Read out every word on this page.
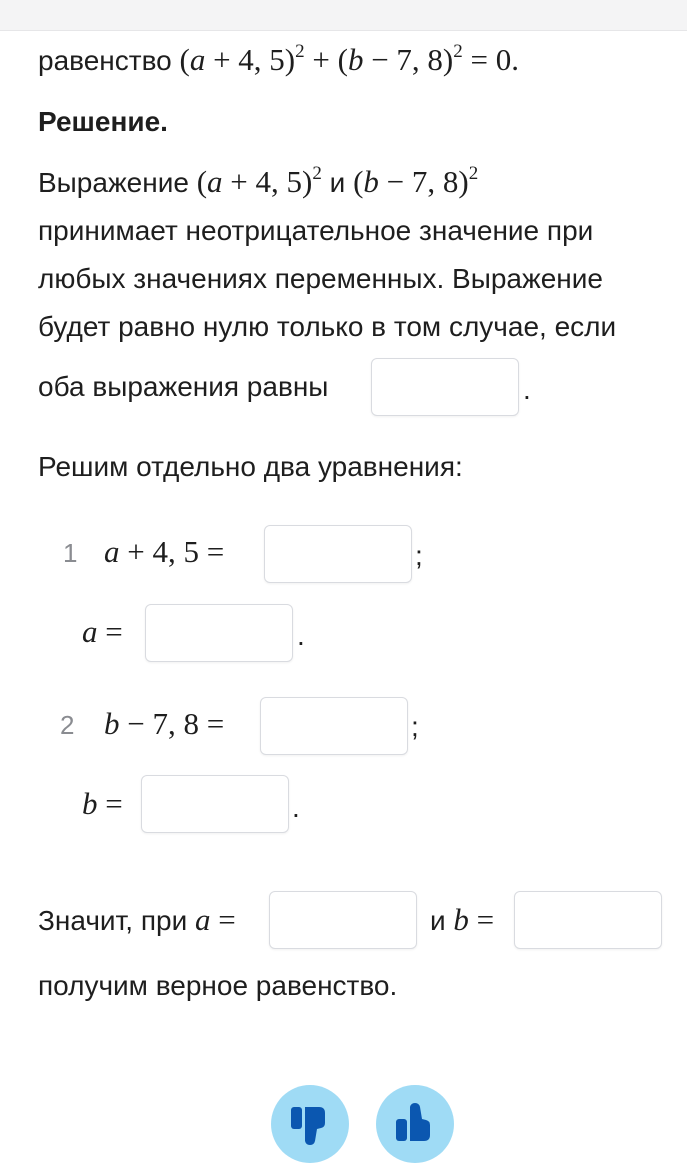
равенство (a + 4, 5)$^2$ + (b − 7, 8)$^2$ = 0.
Решение.
Выражение (a + 4, 5)$^2$ и (b − 7, 8)$^2$
принимает неотрицательное значение при
любых значениях переменных. Выражение
будет равно нулю только в том случае, если
оба выражения равны	.
Решим отдельно два уравнения:
1 a + 4, 5 =	;
a =	.
2 b − 7, 8 =	;
b =	.
Значит, при a =	и b =
получим верное равенство.
